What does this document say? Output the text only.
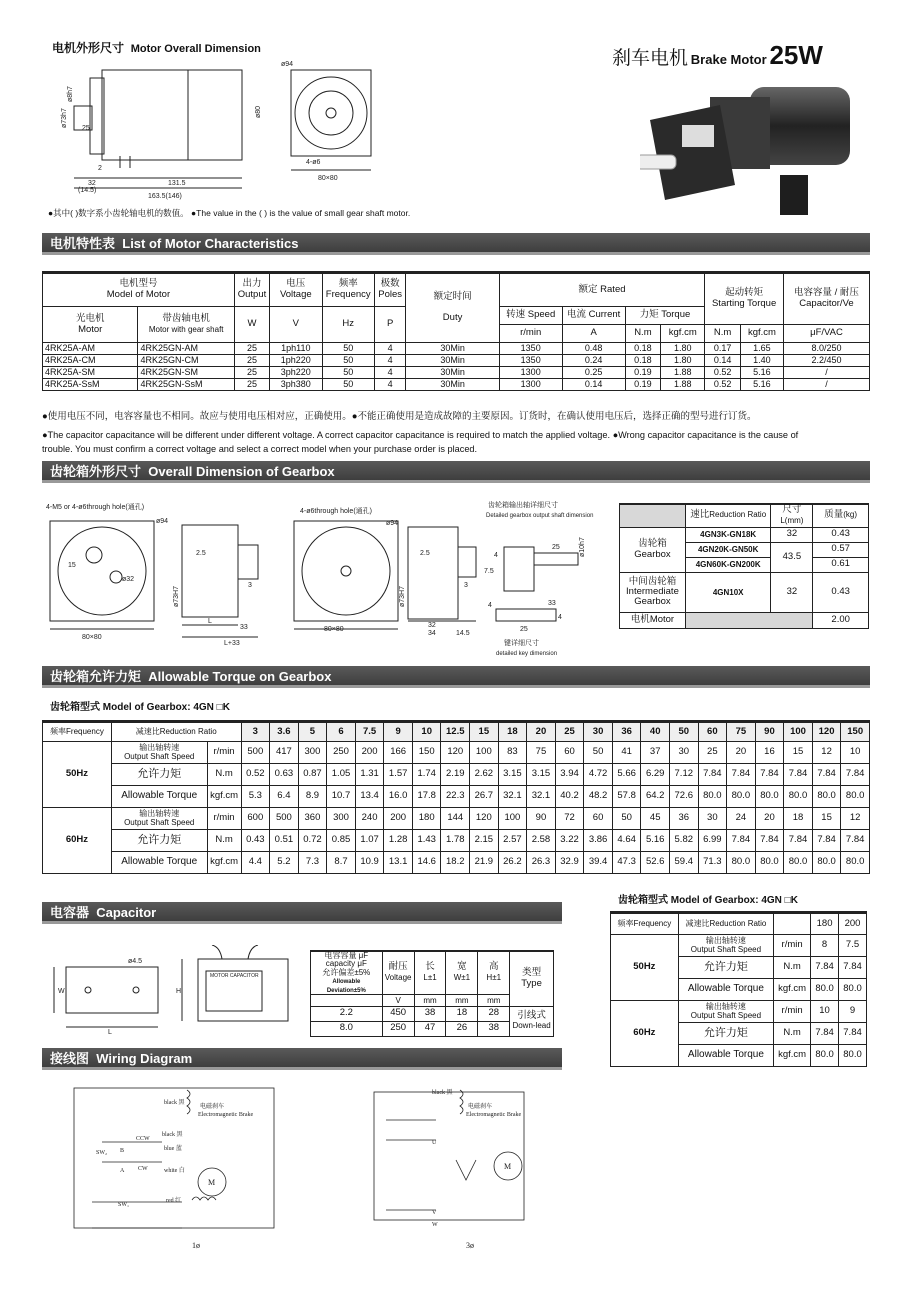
电机外形尺寸 Motor Overall Dimension	刹车电机 Brake Motor 25W
ø94
ø73h7
ø8h7
25
ø80
32
(14.5)
131.5
163.5(146)
80×80
4-ø6
2
●其中( )数字系小齿轮轴电机的数值。 ●The value in the ( ) is the value of small gear shaft motor.
电机特性表 List of Motor Characteristics
电机型号
Model of Motor		出力
Output	电压
Voltage	频率
Frequency	极数
Poles	额定时间

Duty	额定 Rated				起动转矩
Starting Torque		电容容量 / 耐压
Capacitor/Ve
光电机
Motor	带齿轴电机
Motor with gear shaft	W	V	Hz	P		转速 Speed	电流 Current	力矩 Torque				
							r/min	A	N.m	kgf.cm	N.m	kgf.cm	μF/VAC
4RK25A-AM	4RK25GN-AM	25	1ph110	50	4	30Min	1350	0.48	0.18	1.80	0.17	1.65	8.0/250
4RK25A-CM	4RK25GN-CM	25	1ph220	50	4	30Min	1350	0.24	0.18	1.80	0.14	1.40	2.2/450
4RK25A-SM	4RK25GN-SM	25	3ph220	50	4	30Min	1300	0.25	0.19	1.88	0.52	5.16	/
4RK25A-SsM	4RK25GN-SsM	25	3ph380	50	4	30Min	1300	0.14	0.19	1.88	0.52	5.16	/
●使用电压不同，电容容量也不相同。故应与使用电压相对应，正确使用。●不能正确使用是造成故障的主要原因。订货时，在确认使用电压后，选择正确的型号进行订货。
●The capacitor capacitance will be different under different voltage. A correct capacitor capacitance is required to match the applied voltage. ●Wrong capacitor capacitance is the cause of
trouble. You must confirm a correct voltage and select a correct model when your purchase order is placed.
齿轮箱外形尺寸 Overall Dimension of Gearbox
4-M5 or 4-ø6through hole(通孔)
ø94
ø32
15
80×80
2.5
ø73H7
3
L
L+33
33
4-ø6through hole(通孔)
ø94
80×80
2.5
ø73H7
3
32
34	14.5
齿轮箱输出轴详细尺寸
Detailed gearbox output shaft dimension
ø10h7
25
7.5
33
4
25
4
4
键详细尺寸
detailed key dimension
	速比Reduction Ratio	尺寸 L(mm)	质量(kg)
齿轮箱
Gearbox	4GN3K-GN18K	32	0.43
	4GN20K-GN50K	43.5	0.57
	4GN60K-GN200K		0.61
中间齿轮箱
Intermediate
Gearbox	4GN10X	32	0.43
电机Motor			2.00
齿轮箱允许力矩 Allowable Torque on Gearbox
齿轮箱型式 Model of Gearbox: 4GN □K
频率Frequency	减速比Reduction Ratio		3	3.6	5	6	7.5	9	10	12.5	15	18	20	25	30	36	40	50	60	75	90	100	120	150
50Hz	输出轴转速
Output Shaft Speed	r/min	500	417	300	250	200	166	150	120	100	83	75	60	50	41	37	30	25	20	16	15	12	10
	允许力矩	N.m	0.52	0.63	0.87	1.05	1.31	1.57	1.74	2.19	2.62	3.15	3.15	3.94	4.72	5.66	6.29	7.12	7.84	7.84	7.84	7.84	7.84	7.84
	Allowable Torque	kgf.cm	5.3	6.4	8.9	10.7	13.4	16.0	17.8	22.3	26.7	32.1	32.1	40.2	48.2	57.8	64.2	72.6	80.0	80.0	80.0	80.0	80.0	80.0
60Hz	输出轴转速
Output Shaft Speed	r/min	600	500	360	300	240	200	180	144	120	100	90	72	60	50	45	36	30	24	20	18	15	12
	允许力矩	N.m	0.43	0.51	0.72	0.85	1.07	1.28	1.43	1.78	2.15	2.57	2.58	3.22	3.86	4.64	5.16	5.82	6.99	7.84	7.84	7.84	7.84	7.84
	Allowable Torque	kgf.cm	4.4	5.2	7.3	8.7	10.9	13.1	14.6	18.2	21.9	26.2	26.3	32.9	39.4	47.3	52.6	59.4	71.3	80.0	80.0	80.0	80.0	80.0
齿轮箱型式 Model of Gearbox: 4GN □K
频率Frequency	减速比Reduction Ratio		180	200
50Hz	输出轴转速
Output Shaft Speed	r/min	8	7.5
	允许力矩	N.m	7.84	7.84
	Allowable Torque	kgf.cm	80.0	80.0
60Hz	输出轴转速
Output Shaft Speed	r/min	10	9
	允许力矩	N.m	7.84	7.84
	Allowable Torque	kgf.cm	80.0	80.0
电容器 Capacitor
ø4.5
W
L
H
MOTOR CAPACITOR
电容容量 μF
capacity μF
允许偏差±5%
Allowable Deviation±5%	耐压
Voltage	长
L±1	宽
W±1	高
H±1	类型
Type
	V	mm	mm	mm	
2.2	450	38	18	28	引线式
Down-lead
8.0	250	47	26	38	
接线图 Wiring Diagram
black 黑
电磁刹车
Electromagnetic Brake
black 黑
CCW
blue 蓝
SW₂ B
A CW	white 白
M
SW₁
red 红
1ø
black 黑
电磁刹车
Electromagnetic Brake
U
M
V
W
3ø
